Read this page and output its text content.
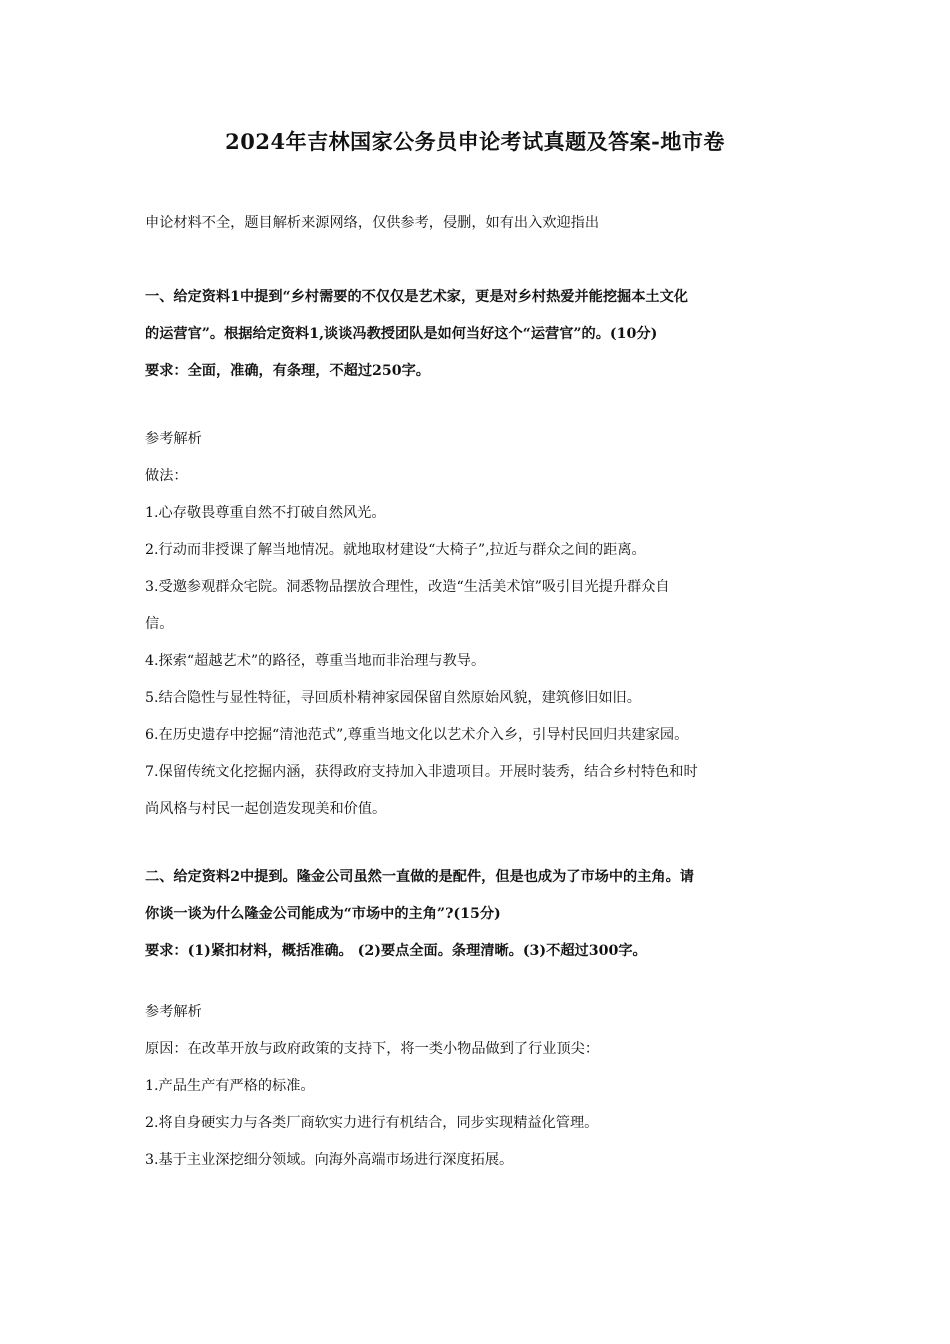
2024年吉林国家公务员申论考试真题及答案-地市卷

申论材料不全，题目解析来源网络，仅供参考，侵删，如有出入欢迎指出

一、给定资料1中提到“乡村需要的不仅仅是艺术家，更是对乡村热爱并能挖掘本土文化

的运营官”。根据给定资料1,谈谈冯教授团队是如何当好这个“运营官”的。(10分)

要求：全面，准确，有条理，不超过250字。

参考解析

做法：

1.心存敬畏尊重自然不打破自然风光。

2.行动而非授课了解当地情况。就地取材建设“大椅子”,拉近与群众之间的距离。

3.受邀参观群众宅院。洞悉物品摆放合理性，改造“生活美术馆”吸引目光提升群众自

信。

4.探索“超越艺术”的路径，尊重当地而非治理与教导。

5.结合隐性与显性特征，寻回质朴精神家园保留自然原始风貌，建筑修旧如旧。

6.在历史遗存中挖掘“清池范式”,尊重当地文化以艺术介入乡，引导村民回归共建家园。

7.保留传统文化挖掘内涵，获得政府支持加入非遗项目。开展时装秀，结合乡村特色和时

尚风格与村民一起创造发现美和价值。

二、给定资料2中提到。隆金公司虽然一直做的是配件，但是也成为了市场中的主角。请

你谈一谈为什么隆金公司能成为“市场中的主角”?(15分)

要求：(1)紧扣材料，概括准确。 (2)要点全面。条理清晰。(3)不超过300字。

参考解析

原因：在改革开放与政府政策的支持下，将一类小物品做到了行业顶尖：

1.产品生产有严格的标准。

2.将自身硬实力与各类厂商软实力进行有机结合，同步实现精益化管理。

3.基于主业深挖细分领域。向海外高端市场进行深度拓展。
